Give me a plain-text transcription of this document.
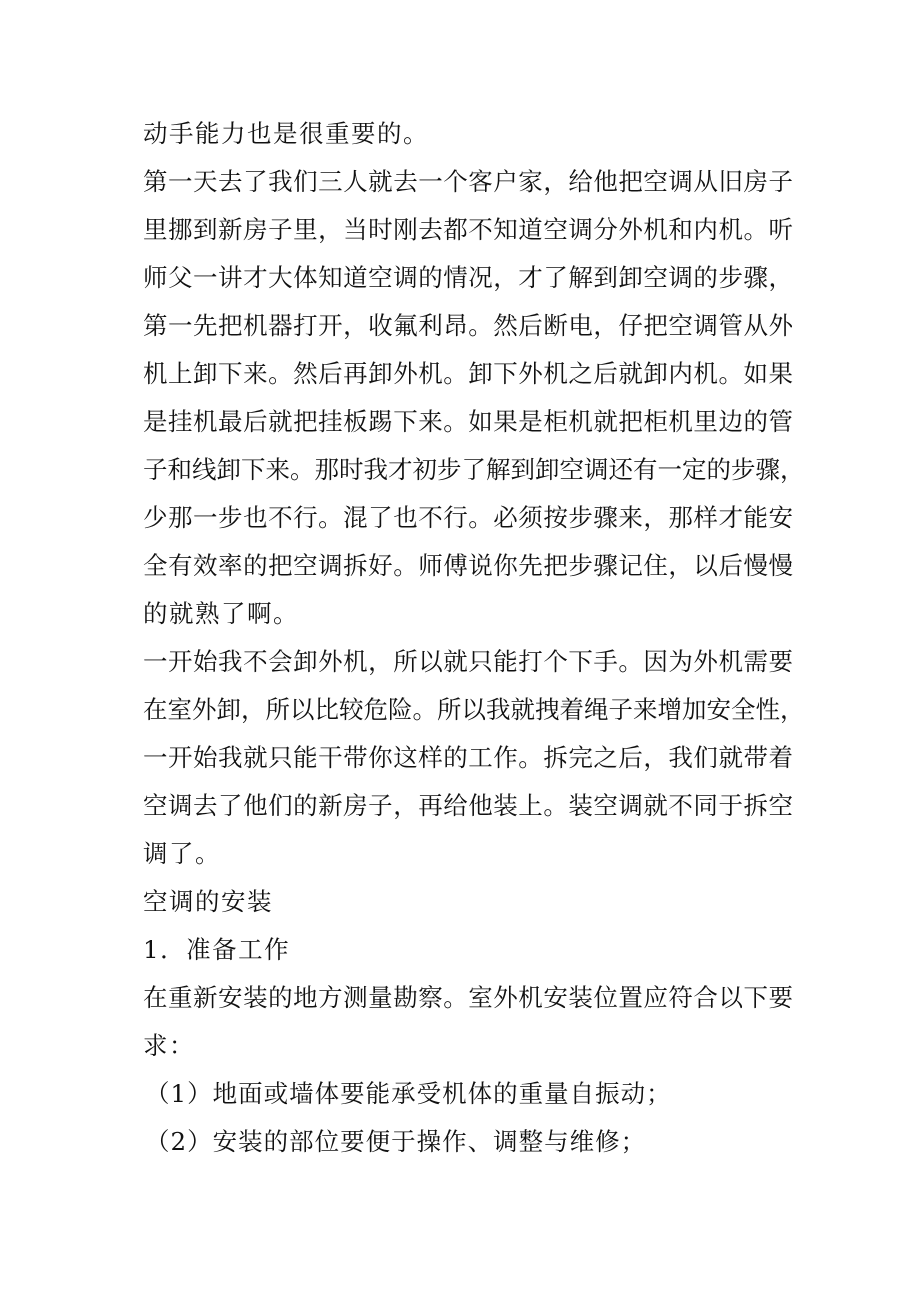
动手能力也是很重要的。
第一天去了我们三人就去一个客户家，给他把空调从旧房子
里挪到新房子里，当时刚去都不知道空调分外机和内机。听
师父一讲才大体知道空调的情况，才了解到卸空调的步骤，
第一先把机器打开，收氟利昂。然后断电，仔把空调管从外
机上卸下来。然后再卸外机。卸下外机之后就卸内机。如果
是挂机最后就把挂板踢下来。如果是柜机就把柜机里边的管
子和线卸下来。那时我才初步了解到卸空调还有一定的步骤，
少那一步也不行。混了也不行。必须按步骤来，那样才能安
全有效率的把空调拆好。师傅说你先把步骤记住，以后慢慢
的就熟了啊。
一开始我不会卸外机，所以就只能打个下手。因为外机需要
在室外卸，所以比较危险。所以我就拽着绳子来增加安全性，
一开始我就只能干带你这样的工作。拆完之后，我们就带着
空调去了他们的新房子，再给他装上。装空调就不同于拆空
调了。
空调的安装
1．准备工作
在重新安装的地方测量勘察。室外机安装位置应符合以下要
求：
（1）地面或墙体要能承受机体的重量自振动；
（2）安装的部位要便于操作、调整与维修；
